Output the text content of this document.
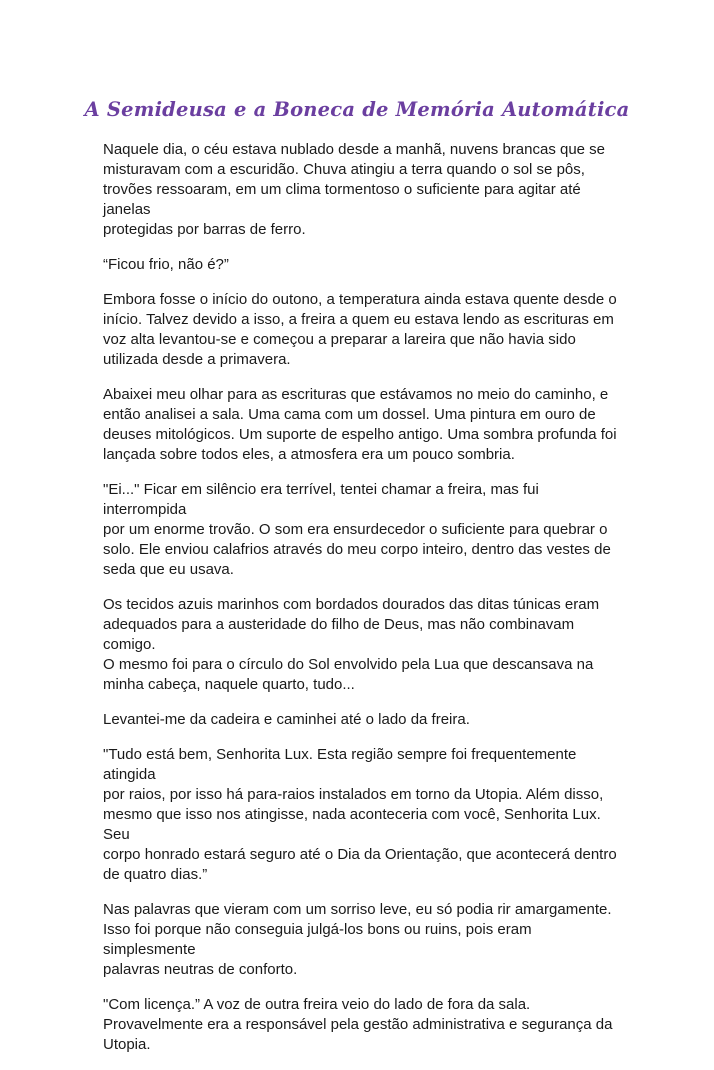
A Semideusa e a Boneca de Memória Automática

Naquele dia, o céu estava nublado desde a manhã, nuvens brancas que se
misturavam com a escuridão. Chuva atingiu a terra quando o sol se pôs,
trovões ressoaram, em um clima tormentoso o suficiente para agitar até janelas
protegidas por barras de ferro.

“Ficou frio, não é?”

Embora fosse o início do outono, a temperatura ainda estava quente desde o
início. Talvez devido a isso, a freira a quem eu estava lendo as escrituras em
voz alta levantou-se e começou a preparar a lareira que não havia sido
utilizada desde a primavera.

Abaixei meu olhar para as escrituras que estávamos no meio do caminho, e
então analisei a sala. Uma cama com um dossel. Uma pintura em ouro de
deuses mitológicos. Um suporte de espelho antigo. Uma sombra profunda foi
lançada sobre todos eles, a atmosfera era um pouco sombria.

"Ei..." Ficar em silêncio era terrível, tentei chamar a freira, mas fui interrompida
por um enorme trovão. O som era ensurdecedor o suficiente para quebrar o
solo. Ele enviou calafrios através do meu corpo inteiro, dentro das vestes de
seda que eu usava.

Os tecidos azuis marinhos com bordados dourados das ditas túnicas eram
adequados para a austeridade do filho de Deus, mas não combinavam comigo.
O mesmo foi para o círculo do Sol envolvido pela Lua que descansava na
minha cabeça, naquele quarto, tudo...

Levantei-me da cadeira e caminhei até o lado da freira.

"Tudo está bem, Senhorita Lux. Esta região sempre foi frequentemente atingida
por raios, por isso há para-raios instalados em torno da Utopia. Além disso,
mesmo que isso nos atingisse, nada aconteceria com você, Senhorita Lux. Seu
corpo honrado estará seguro até o Dia da Orientação, que acontecerá dentro
de quatro dias.”

Nas palavras que vieram com um sorriso leve, eu só podia rir amargamente.
Isso foi porque não conseguia julgá-los bons ou ruins, pois eram simplesmente
palavras neutras de conforto.

"Com licença.” A voz de outra freira veio do lado de fora da sala.
Provavelmente era a responsável pela gestão administrativa e segurança da
Utopia.
